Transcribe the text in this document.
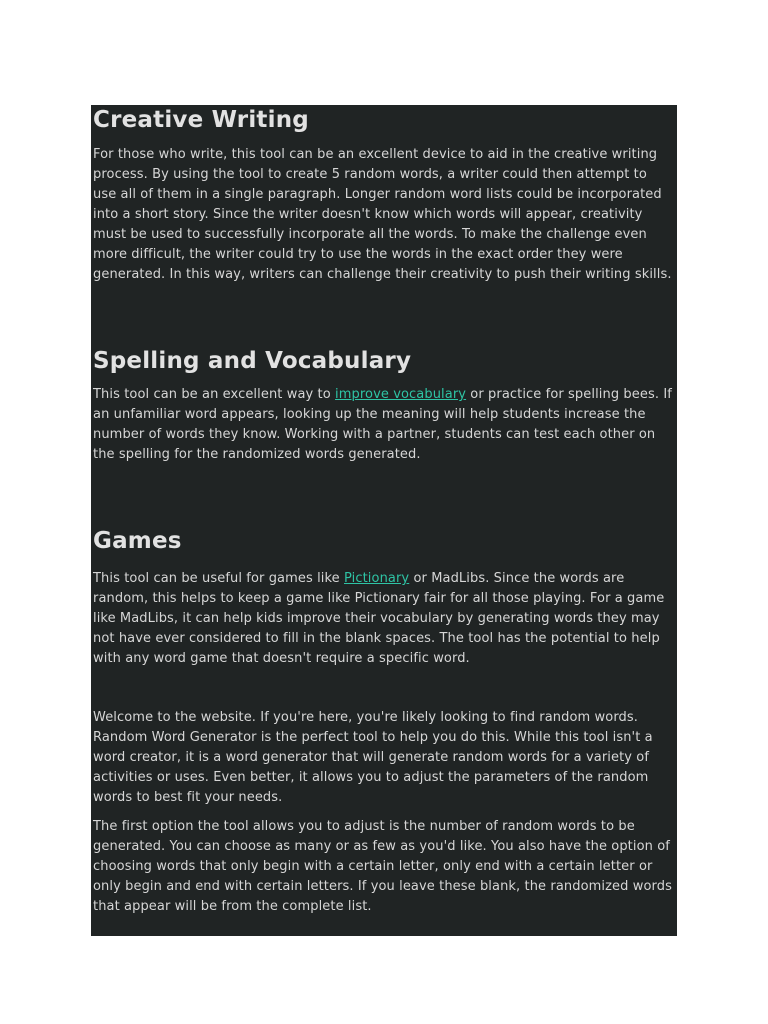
Creative Writing

For those who write, this tool can be an excellent device to aid in the creative writing process. By using the tool to create 5 random words, a writer could then attempt to use all of them in a single paragraph. Longer random word lists could be incorporated into a short story. Since the writer doesn't know which words will appear, creativity must be used to successfully incorporate all the words. To make the challenge even more difficult, the writer could try to use the words in the exact order they were generated. In this way, writers can challenge their creativity to push their writing skills.

Spelling and Vocabulary

This tool can be an excellent way to improve vocabulary or practice for spelling bees. If an unfamiliar word appears, looking up the meaning will help students increase the number of words they know. Working with a partner, students can test each other on the spelling for the randomized words generated.

Games

This tool can be useful for games like Pictionary or MadLibs. Since the words are random, this helps to keep a game like Pictionary fair for all those playing. For a game like MadLibs, it can help kids improve their vocabulary by generating words they may not have ever considered to fill in the blank spaces. The tool has the potential to help with any word game that doesn't require a specific word.

Welcome to the website. If you're here, you're likely looking to find random words. Random Word Generator is the perfect tool to help you do this. While this tool isn't a word creator, it is a word generator that will generate random words for a variety of activities or uses. Even better, it allows you to adjust the parameters of the random words to best fit your needs.

The first option the tool allows you to adjust is the number of random words to be generated. You can choose as many or as few as you'd like. You also have the option of choosing words that only begin with a certain letter, only end with a certain letter or only begin and end with certain letters. If you leave these blank, the randomized words that appear will be from the complete list.
